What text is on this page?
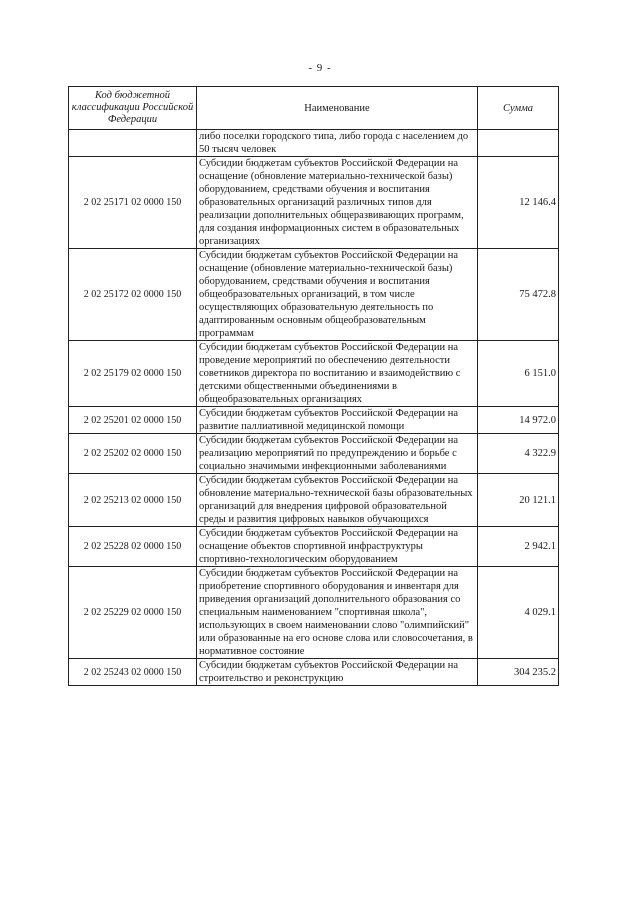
- 9 -
Код бюджетной классификации Российской Федерации	Наименование	Сумма
	либо поселки городского типа, либо города с населением до 50 тысяч человек	
2 02 25171 02 0000 150	Субсидии бюджетам субъектов Российской Федерации на оснащение (обновление материально-технической базы) оборудованием, средствами обучения и воспитания образовательных организаций различных типов для реализации дополнительных общеразвивающих программ, для создания информационных систем в образовательных организациях	12 146.4
2 02 25172 02 0000 150	Субсидии бюджетам субъектов Российской Федерации на оснащение (обновление материально-технической базы) оборудованием, средствами обучения и воспитания общеобразовательных организаций, в том числе осуществляющих образовательную деятельность по адаптированным основным общеобразовательным программам	75 472.8
2 02 25179 02 0000 150	Субсидии бюджетам субъектов Российской Федерации на проведение мероприятий по обеспечению деятельности советников директора по воспитанию и взаимодействию с детскими общественными объединениями в общеобразовательных организациях	6 151.0
2 02 25201 02 0000 150	Субсидии бюджетам субъектов Российской Федерации на развитие паллиативной медицинской помощи	14 972.0
2 02 25202 02 0000 150	Субсидии бюджетам субъектов Российской Федерации на реализацию мероприятий по предупреждению и борьбе с социально значимыми инфекционными заболеваниями	4 322.9
2 02 25213 02 0000 150	Субсидии бюджетам субъектов Российской Федерации на обновление материально-технической базы образовательных организаций для внедрения цифровой образовательной среды и развития цифровых навыков обучающихся	20 121.1
2 02 25228 02 0000 150	Субсидии бюджетам субъектов Российской Федерации на оснащение объектов спортивной инфраструктуры спортивно-технологическим оборудованием	2 942.1
2 02 25229 02 0000 150	Субсидии бюджетам субъектов Российской Федерации на приобретение спортивного оборудования и инвентаря для приведения организаций дополнительного образования со специальным наименованием "спортивная школа", использующих в своем наименовании слово "олимпийский" или образованные на его основе слова или словосочетания, в нормативное состояние	4 029.1
2 02 25243 02 0000 150	Субсидии бюджетам субъектов Российской Федерации на строительство и реконструкцию	304 235.2
